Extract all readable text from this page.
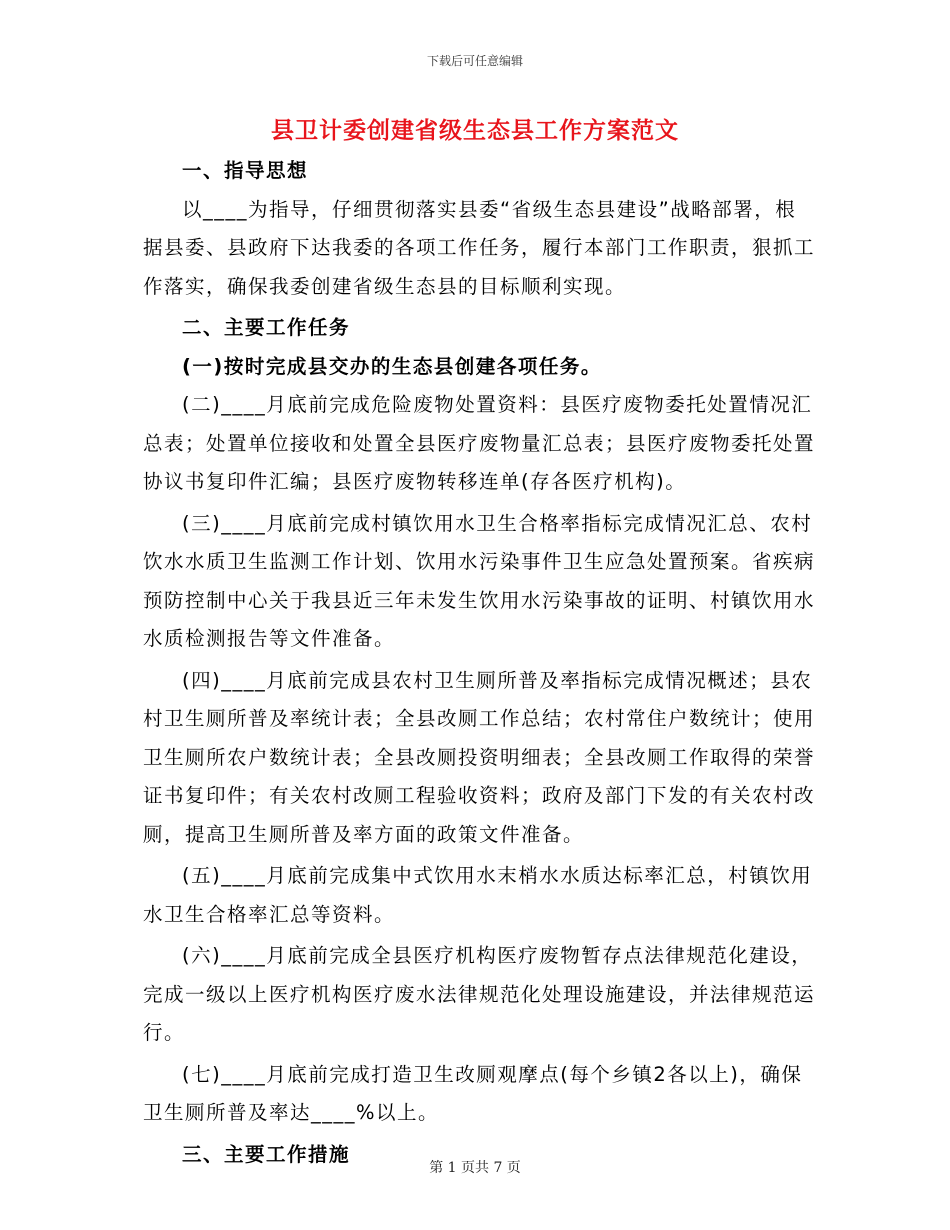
下载后可任意编辑
县卫计委创建省级生态县工作方案范文

一、指导思想

以____为指导，仔细贯彻落实县委“省级生态县建设”战略部署，根据县委、县政府下达我委的各项工作任务，履行本部门工作职责，狠抓工作落实，确保我委创建省级生态县的目标顺利实现。

二、主要工作任务

(一)按时完成县交办的生态县创建各项任务。

(二)____月底前完成危险废物处置资料：县医疗废物委托处置情况汇总表；处置单位接收和处置全县医疗废物量汇总表；县医疗废物委托处置协议书复印件汇编；县医疗废物转移连单(存各医疗机构)。

(三)____月底前完成村镇饮用水卫生合格率指标完成情况汇总、农村饮水水质卫生监测工作计划、饮用水污染事件卫生应急处置预案。省疾病预防控制中心关于我县近三年未发生饮用水污染事故的证明、村镇饮用水水质检测报告等文件准备。

(四)____月底前完成县农村卫生厕所普及率指标完成情况概述；县农村卫生厕所普及率统计表；全县改厕工作总结；农村常住户数统计；使用卫生厕所农户数统计表；全县改厕投资明细表；全县改厕工作取得的荣誉证书复印件；有关农村改厕工程验收资料；政府及部门下发的有关农村改厕，提高卫生厕所普及率方面的政策文件准备。

(五)____月底前完成集中式饮用水末梢水水质达标率汇总，村镇饮用水卫生合格率汇总等资料。

(六)____月底前完成全县医疗机构医疗废物暂存点法律规范化建设，完成一级以上医疗机构医疗废水法律规范化处理设施建设，并法律规范运行。

(七)____月底前完成打造卫生改厕观摩点(每个乡镇2各以上)，确保卫生厕所普及率达____%以上。

三、主要工作措施

第 1 页共 7 页
